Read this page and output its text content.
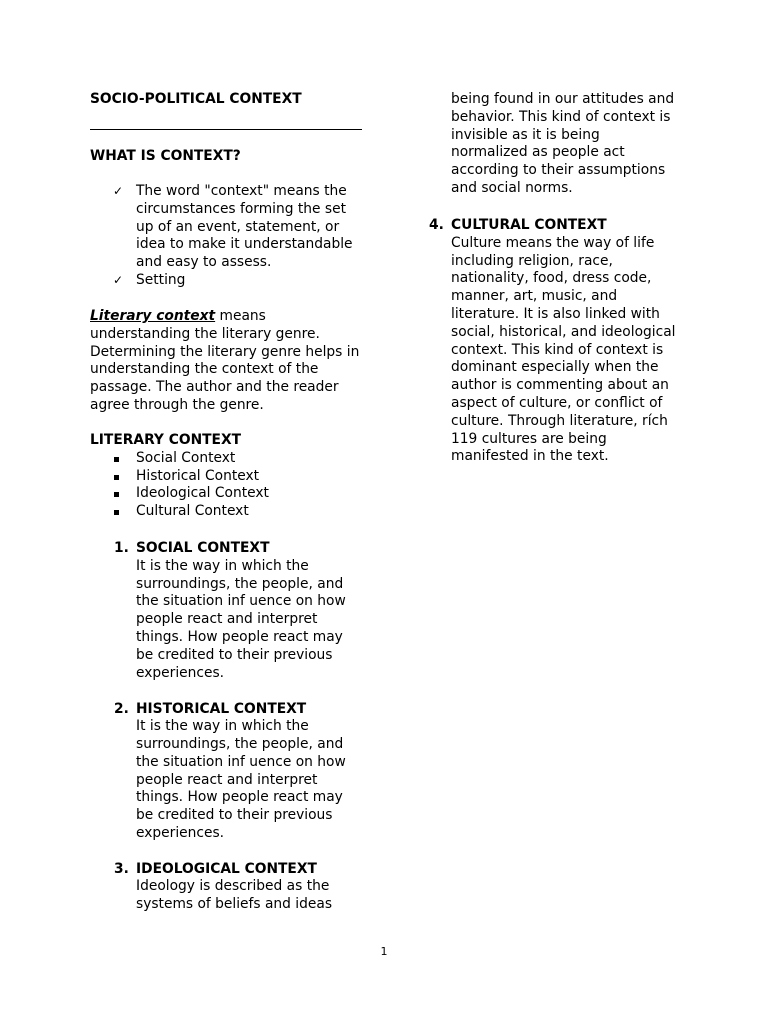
SOCIO-POLITICAL CONTEXT
WHAT IS CONTEXT?
✓
The word "context" means the
circumstances forming the set
up of an event, statement, or
idea to make it understandable
and easy to assess.
✓
Setting
Literary context means
understanding the literary genre.
Determining the literary genre helps in
understanding the context of the
passage. The author and the reader
agree through the genre.
LITERARY CONTEXT
Social Context
Historical Context
Ideological Context
Cultural Context
1. SOCIAL CONTEXT
It is the way in which the
surroundings, the people, and
the situation inf uence on how
people react and interpret
things. How people react may
be credited to their previous
experiences.
2. HISTORICAL CONTEXT
It is the way in which the
surroundings, the people, and
the situation inf uence on how
people react and interpret
things. How people react may
be credited to their previous
experiences.
3. IDEOLOGICAL CONTEXT
Ideology is described as the
systems of beliefs and ideas
being found in our attitudes and
behavior. This kind of context is
invisible as it is being
normalized as people act
according to their assumptions
and social norms.
4. CULTURAL CONTEXT
Culture means the way of life
including religion, race,
nationality, food, dress code,
manner, art, music, and
literature. It is also linked with
social, historical, and ideological
context. This kind of context is
dominant especially when the
author is commenting about an
aspect of culture, or conflict of
culture. Through literature, rích
119 cultures are being
manifested in the text.
1
